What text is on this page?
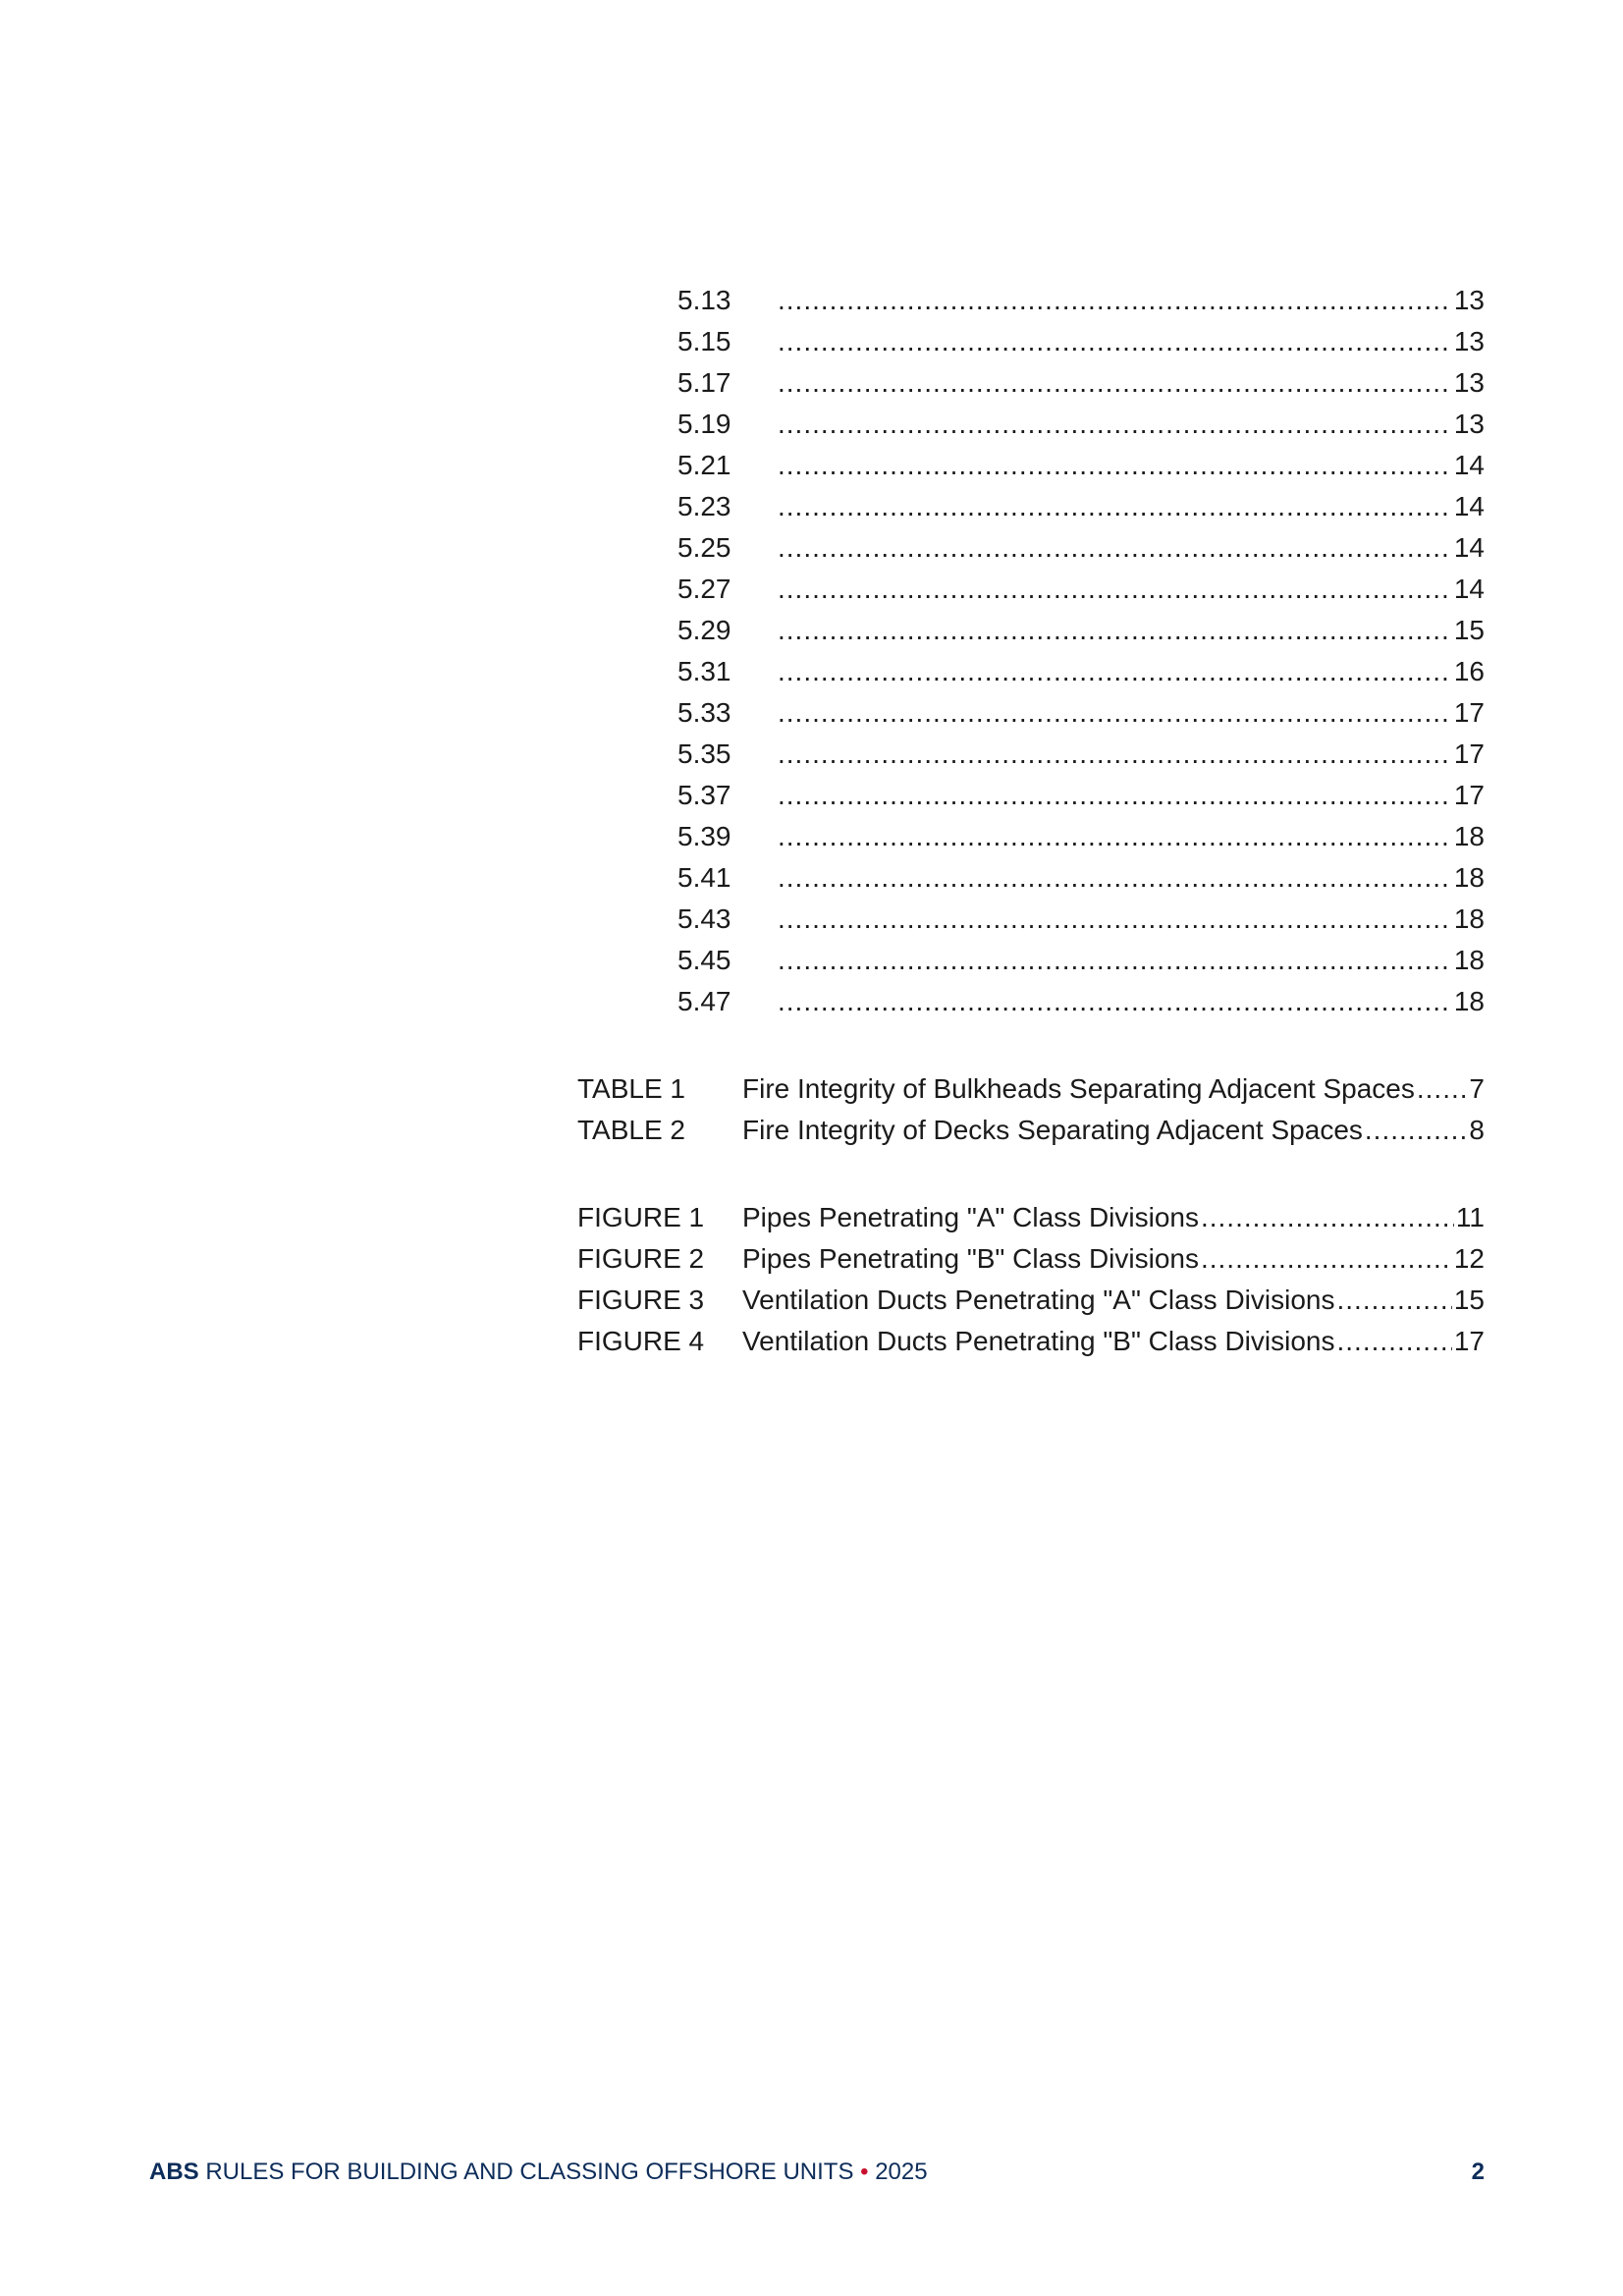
5.13 .....	13
5.15 .....	13
5.17 .....	13
5.19 .....	13
5.21 .....	14
5.23 .....	14
5.25 .....	14
5.27 .....	14
5.29 .....	15
5.31 .....	16
5.33 .....	17
5.35 .....	17
5.37 .....	17
5.39 .....	18
5.41 .....	18
5.43 .....	18
5.45 .....	18
5.47 .....	18
TABLE 1	Fire Integrity of Bulkheads Separating Adjacent Spaces ..... 7
TABLE 2	Fire Integrity of Decks Separating Adjacent Spaces .....	8
FIGURE 1	Pipes Penetrating "A" Class Divisions .....	11
FIGURE 2	Pipes Penetrating "B" Class Divisions .....	12
FIGURE 3	Ventilation Ducts Penetrating "A" Class Divisions .....	15
FIGURE 4	Ventilation Ducts Penetrating "B" Class Divisions .....	17
ABS RULES FOR BUILDING AND CLASSING OFFSHORE UNITS • 2025	2
